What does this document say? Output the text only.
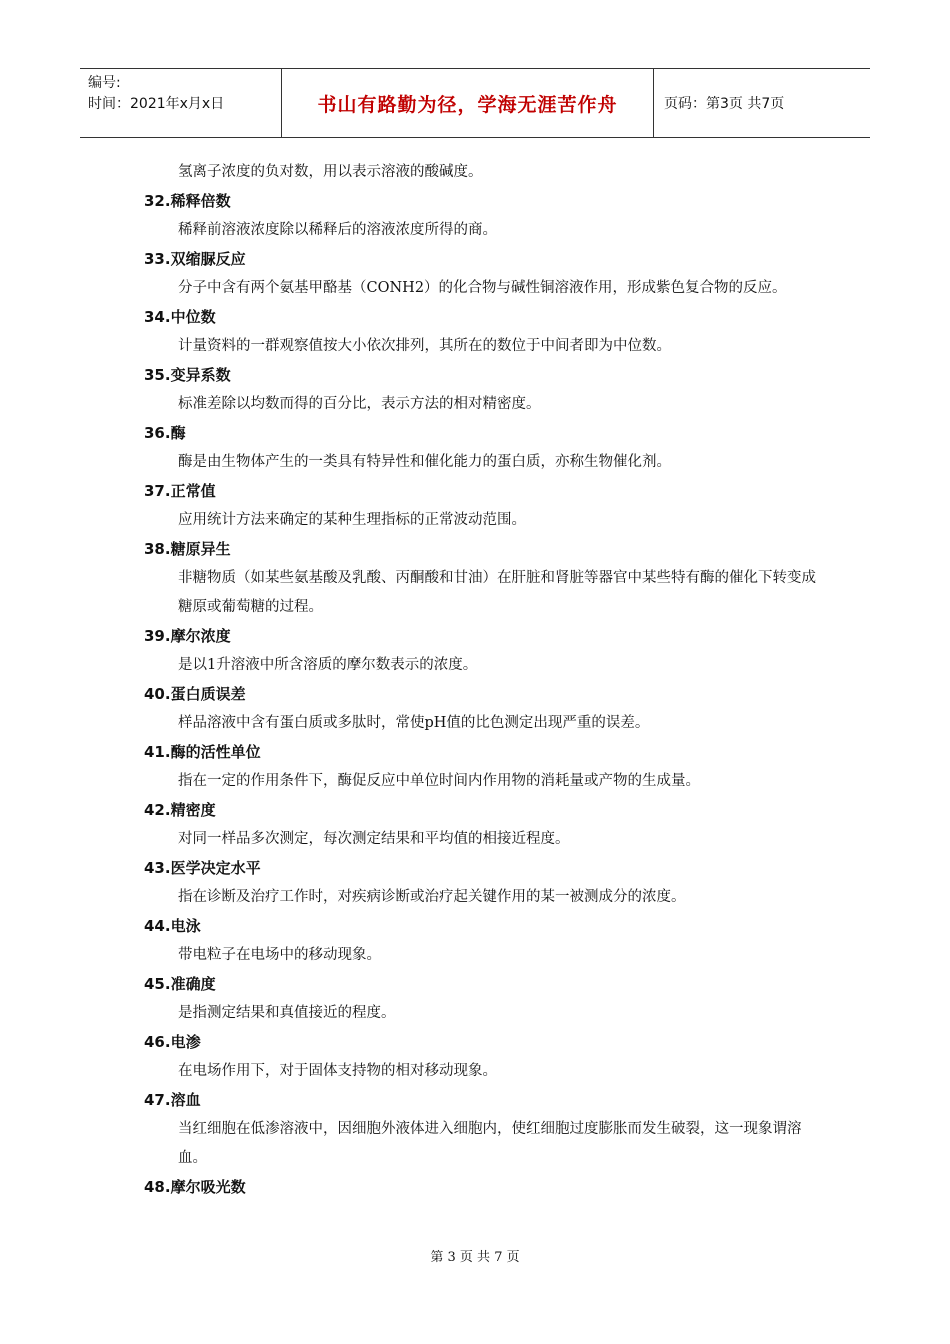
编号:
时间：2021年x月x日	书山有路勤为径，学海无涯苦作舟	页码：第3页 共7页
氢离子浓度的负对数，用以表示溶液的酸碱度。
32.稀释倍数
稀释前溶液浓度除以稀释后的溶液浓度所得的商。
33.双缩脲反应
分子中含有两个氨基甲酪基（CONH2）的化合物与碱性铜溶液作用，形成紫色复合物的反应。
34.中位数
计量资料的一群观察值按大小依次排列，其所在的数位于中间者即为中位数。
35.变异系数
标准差除以均数而得的百分比，表示方法的相对精密度。
36.酶
酶是由生物体产生的一类具有特异性和催化能力的蛋白质，亦称生物催化剂。
37.正常值
应用统计方法来确定的某种生理指标的正常波动范围。
38.糖原异生
非糖物质（如某些氨基酸及乳酸、丙酮酸和甘油）在肝脏和肾脏等器官中某些特有酶的催化下转变成糖原或葡萄糖的过程。
39.摩尔浓度
是以1升溶液中所含溶质的摩尔数表示的浓度。
40.蛋白质误差
样品溶液中含有蛋白质或多肽时，常使pH值的比色测定出现严重的误差。
41.酶的活性单位
指在一定的作用条件下，酶促反应中单位时间内作用物的消耗量或产物的生成量。
42.精密度
对同一样品多次测定，每次测定结果和平均值的相接近程度。
43.医学决定水平
指在诊断及治疗工作时，对疾病诊断或治疗起关键作用的某一被测成分的浓度。
44.电泳
带电粒子在电场中的移动现象。
45.准确度
是指测定结果和真值接近的程度。
46.电渗
在电场作用下，对于固体支持物的相对移动现象。
47.溶血
当红细胞在低渗溶液中，因细胞外液体进入细胞内，使红细胞过度膨胀而发生破裂，这一现象谓溶血。
48.摩尔吸光数
第 3 页 共 7 页
